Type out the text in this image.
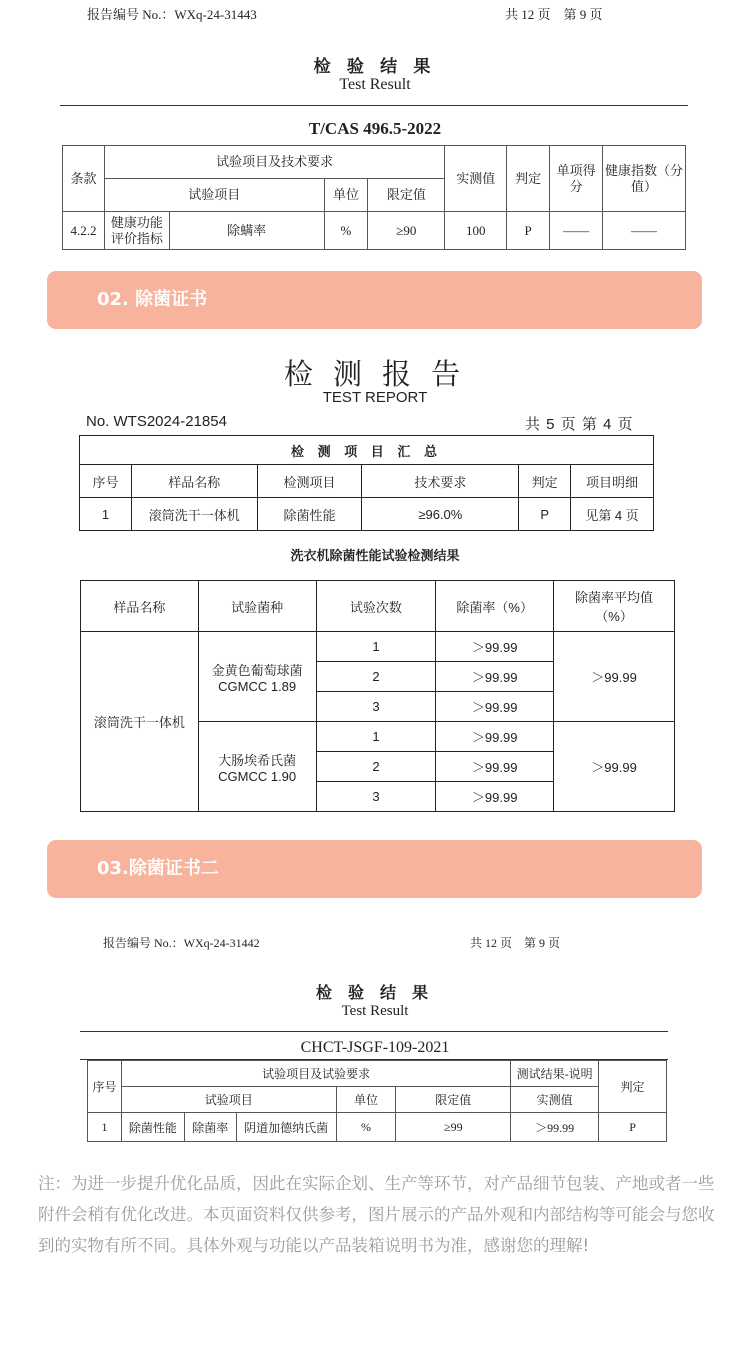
报告编号 No.：WXq-24-31443	共 12 页　第 9 页
检 验 结 果
Test Result
T/CAS 496.5-2022
条款	试验项目及技术要求				实测值	判定	单项得分	健康指数（分值）
	试验项目		单位	限定值				
4.2.2	健康功能评价指标	除螨率	%	≥90	100	P	——	——
02. 除菌证书
检 测 报 告
TEST REPORT
No. WTS2024-21854	共 5 页 第 4 页
检 测 项 目 汇 总					
序号	样品名称	检测项目	技术要求	判定	项目明细
1	滚筒洗干一体机	除菌性能	≥96.0%	P	见第 4 页
洗衣机除菌性能试验检测结果
样品名称	试验菌种	试验次数	除菌率（%）	除菌率平均值（%）
滚筒洗干一体机	金黄色葡萄球菌
CGMCC 1.89	1	＞99.99	＞99.99
		2	＞99.99	
		3	＞99.99	

	大肠埃希氏菌
CGMCC 1.90	1	＞99.99	＞99.99
		2	＞99.99	
		3	＞99.99	
03.除菌证书二
报告编号 No.：WXq-24-31442	共 12 页　第 9 页
检 验 结 果
Test Result
CHCT-JSGF-109-2021
序号	试验项目及试验要求					测试结果-说明	判定
	试验项目			单位	限定值	实测值	
1	除菌性能	除菌率	阴道加德纳氏菌	%	≥99	＞99.99	P
注：为进一步提升优化品质，因此在实际企划、生产等环节，对产品细节包装、产地或者一些附件会稍有优化改进。本页面资料仅供参考，图片展示的产品外观和内部结构等可能会与您收到的实物有所不同。具体外观与功能以产品装箱说明书为准，感谢您的理解!
